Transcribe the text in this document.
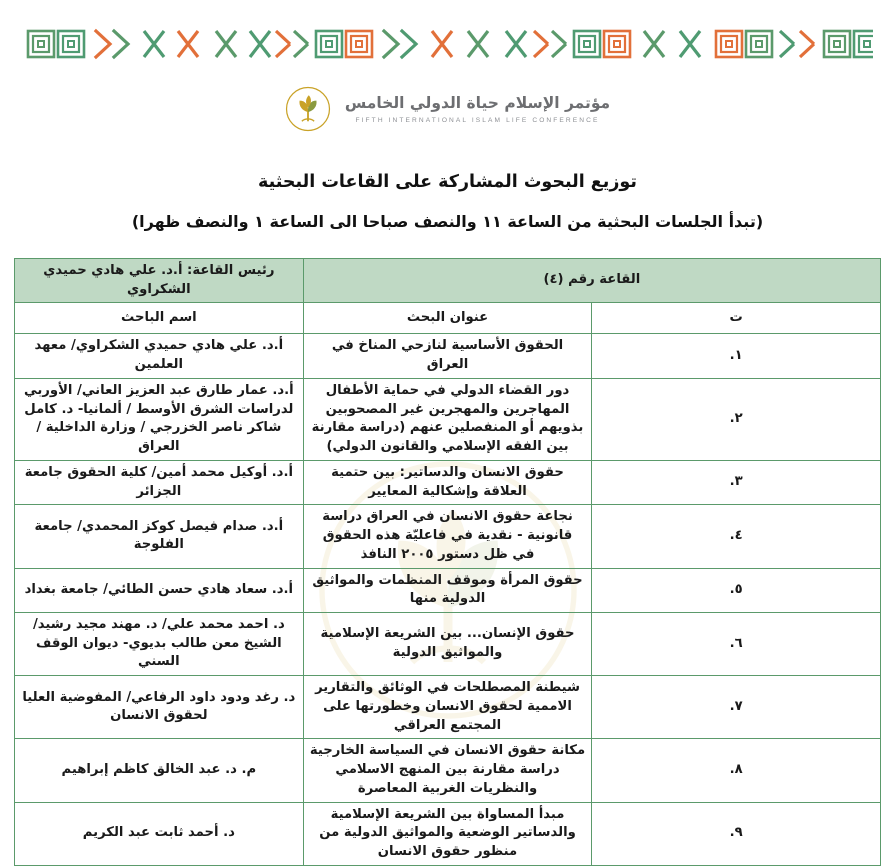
مؤتمر الإسلام حياة الدولي الخامس
FIFTH INTERNATIONAL ISLAM LIFE CONFERENCE
توزيع البحوث المشاركة على القاعات البحثية
(تبدأ الجلسات البحثية من الساعة ١١ والنصف صباحا الى الساعة ١ والنصف ظهرا)
القاعة رقم (٤)		رئيس القاعة: أ.د. علي هادي حميدي الشكراوي
ت	عنوان البحث	اسم الباحث
١.	الحقوق الأساسية لنازحي المناخ في العراق	أ.د. علي هادي حميدي الشكراوي/ معهد العلمين
٢.	دور القضاء الدولي في حماية الأطفال المهاجرين والمهجرين غير المصحوبين بذويهم أو المنفصلين عنهم (دراسة مقارنة بين الفقه الإسلامي والقانون الدولي)	أ.د. عمار طارق عبد العزيز العاني/ الأوربي لدراسات الشرق الأوسط / ألمانيا- د. كامل شاكر ناصر الخزرجي / وزارة الداخلية / العراق
٣.	حقوق الانسان والدساتير: بين حتمية العلاقة وإشكالية المعايير	أ.د. أوكيل محمد أمين/ كلية الحقوق جامعة الجزائر
٤.	نجاعة حقوق الانسان في العراق دراسة قانونية - نقدية في فاعليّة هذه الحقوق في ظل دستور ٢٠٠٥ النافذ	أ.د. صدام فيصل كوكز المحمدي/ جامعة الفلوجة
٥.	حقوق المرأة وموقف المنظمات والمواثيق الدولية منها	أ.د. سعاد هادي حسن الطائي/ جامعة بغداد
٦.	حقوق الإنسان... بين الشريعة الإسلامية والمواثيق الدولية	د. احمد محمد علي/ د. مهند مجيد رشيد/الشيخ معن طالب بديوي- ديوان الوقف السني
٧.	شيطنة المصطلحات في الوثائق والتقارير الاممية لحقوق الانسان وخطورتها على المجتمع العراقي	د. رغد ودود داود الرفاعي/ المفوضية العليا لحقوق الانسان
٨.	مكانة حقوق الانسان في السياسة الخارجية دراسة مقارنة بين المنهج الاسلامي والنظريات الغربية المعاصرة	م. د. عبد الخالق كاظم إبراهيم
٩.	مبدأ المساواة بين الشريعة الإسلامية والدساتير الوضعية والمواثيق الدولية من منظور حقوق الانسان	د. أحمد ثابت عبد الكريم
